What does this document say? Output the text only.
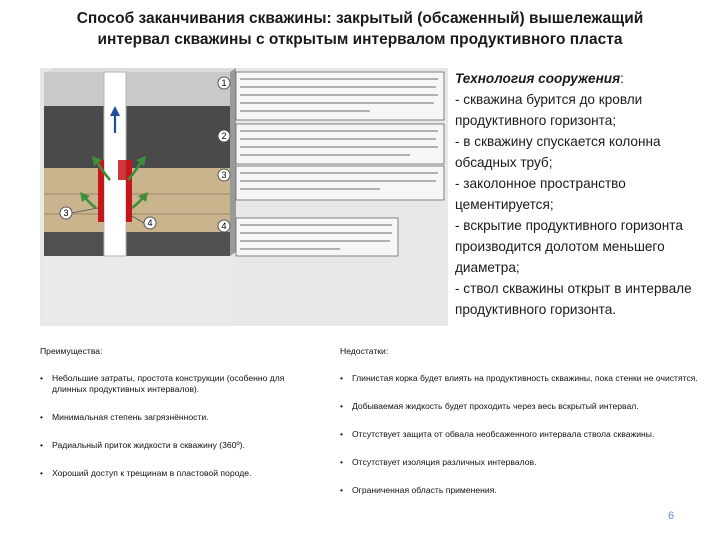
Способ заканчивания скважины: закрытый (обсаженный) вышележащий интервал скважины с открытым интервалом продуктивного пласта
1
2
3
4
3
4
Технология сооружения:

- скважина бурится до кровли продуктивного горизонта;

- в скважину спускается колонна обсадных труб;

- заколонное пространство цементируется;

- вскрытие продуктивного горизонта производится долотом меньшего диаметра;

- ствол скважины открыт в интервале продуктивного горизонта.

Преимущества:
• Небольшие затраты, простота конструкции (особенно для длинных продуктивных интервалов).
• Минимальная степень загрязнённости.
• Радиальный приток жидкости в скважину (360º).
• Хороший доступ к трещинам в пластовой породе.
Недостатки:
• Глинистая корка будет влиять на продуктивность скважины, пока стенки не очистятся.
• Добываемая жидкость будет проходить через весь вскрытый интервал.
• Отсутствует защита от обвала необсаженного интервала ствола скважины.
• Отсутствует изоляция различных интервалов.
• Ограниченная область применения.
6
